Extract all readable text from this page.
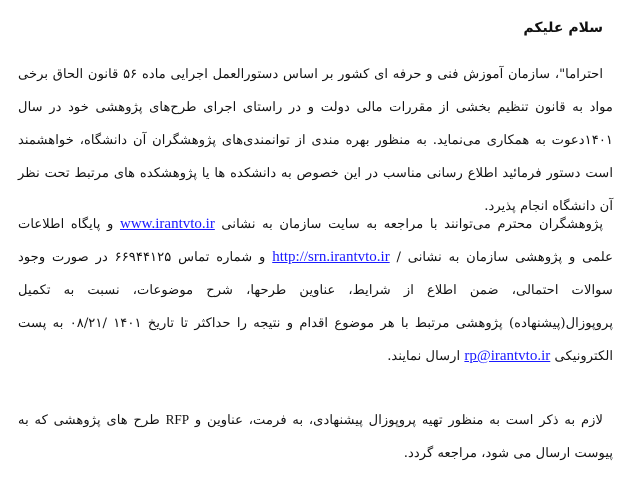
سلام علیکم
احتراما"، سازمان آموزش فنی و حرفه ای کشور بر اساس دستورالعمل اجرایی ماده ۵۶ قانون الحاق برخی مواد به قانون تنظیم بخشی از مقررات مالی دولت و در راستای اجرای طرح‌های پژوهشی خود در سال ۱۴۰۱دعوت به همکاری می‌نماید. به منظور بهره مندی از توانمندی‌های پژوهشگران آن دانشگاه، خواهشمند است دستور فرمائید اطلاع رسانی مناسب در این خصوص به دانشکده ها یا پژوهشکده های مرتبط تحت نظر آن دانشگاه انجام پذیرد.
پژوهشگران محترم می‌توانند با مراجعه به سایت سازمان به نشانی www.irantvto.ir و پایگاه اطلاعات علمی و پژوهشی سازمان به نشانی / http://srn.irantvto.ir و شماره تماس ۶۶۹۴۴۱۲۵ در صورت وجود سوالات احتمالی، ضمن اطلاع از شرایط، عناوین طرحها، شرح موضوعات، نسبت به تکمیل پروپوزال(پیشنهاده) پژوهشی مرتبط با هر موضوع اقدام و نتیجه را حداکثر تا تاریخ ۱۴۰۱ /۰۸/۲۱ به پست الکترونیکی rp@irantvto.ir ارسال نمایند.
لازم به ذکر است به منظور تهیه پروپوزال پیشنهادی، به فرمت، عناوین و RFP طرح های پژوهشی که به پیوست ارسال می شود، مراجعه گردد.
